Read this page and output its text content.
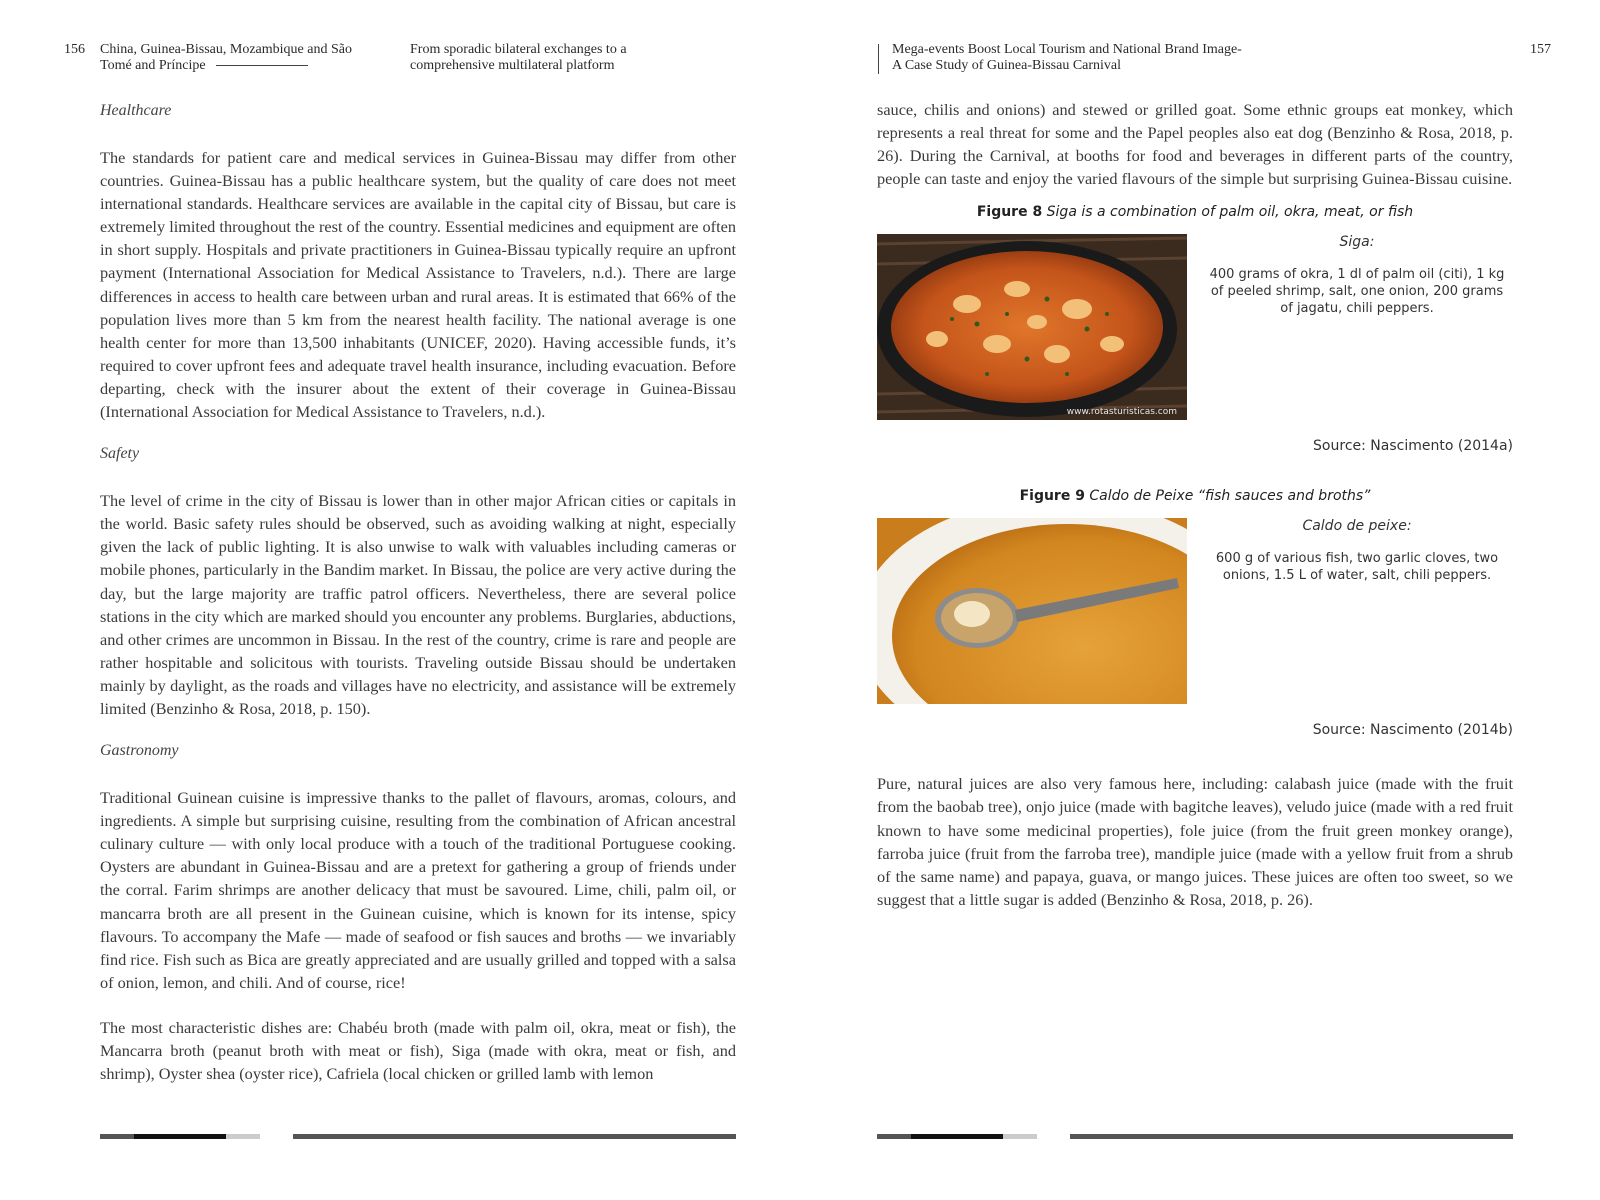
156 China, Guinea-Bissau, Mozambique and São Tomé and Príncipe
From sporadic bilateral exchanges to a comprehensive multilateral platform
Mega-events Boost Local Tourism and National Brand Image-
A Case Study of Guinea-Bissau Carnival
157
Healthcare

The standards for patient care and medical services in Guinea-Bissau may differ from other countries. Guinea-Bissau has a public healthcare system, but the quality of care does not meet international standards. Healthcare services are available in the capital city of Bissau, but care is extremely limited throughout the rest of the country. Essential medicines and equipment are often in short supply. Hospitals and private practitioners in Guinea-Bissau typically require an upfront payment (International Association for Medical Assistance to Travelers, n.d.). There are large differences in access to health care between urban and rural areas. It is estimated that 66% of the population lives more than 5 km from the nearest health facility. The national average is one health center for more than 13,500 inhabitants (UNICEF, 2020). Having accessible funds, it’s required to cover upfront fees and adequate travel health insurance, including evacuation. Before departing, check with the insurer about the extent of their coverage in Guinea-Bissau (International Association for Medical Assistance to Travelers, n.d.).

Safety

The level of crime in the city of Bissau is lower than in other major African cities or capitals in the world. Basic safety rules should be observed, such as avoiding walking at night, especially given the lack of public lighting. It is also unwise to walk with valuables including cameras or mobile phones, particularly in the Bandim market. In Bissau, the police are very active during the day, but the large majority are traffic patrol officers. Nevertheless, there are several police stations in the city which are marked should you encounter any problems. Burglaries, abductions, and other crimes are uncommon in Bissau. In the rest of the country, crime is rare and people are rather hospitable and solicitous with tourists. Traveling outside Bissau should be undertaken mainly by daylight, as the roads and villages have no electricity, and assistance will be extremely limited (Benzinho & Rosa, 2018, p. 150).

Gastronomy

Traditional Guinean cuisine is impressive thanks to the pallet of flavours, aromas, colours, and ingredients. A simple but surprising cuisine, resulting from the combination of African ancestral culinary culture — with only local produce with a touch of the traditional Portuguese cooking. Oysters are abundant in Guinea-Bissau and are a pretext for gathering a group of friends under the corral. Farim shrimps are another delicacy that must be savoured. Lime, chili, palm oil, or mancarra broth are all present in the Guinean cuisine, which is known for its intense, spicy flavours. To accompany the Mafe — made of seafood or fish sauces and broths — we invariably find rice. Fish such as Bica are greatly appreciated and are usually grilled and topped with a salsa of onion, lemon, and chili. And of course, rice!

The most characteristic dishes are: Chabéu broth (made with palm oil, okra, meat or fish), the Mancarra broth (peanut broth with meat or fish), Siga (made with okra, meat or fish, and shrimp), Oyster shea (oyster rice), Cafriela (local chicken or grilled lamb with lemon

sauce, chilis and onions) and stewed or grilled goat. Some ethnic groups eat monkey, which represents a real threat for some and the Papel peoples also eat dog (Benzinho & Rosa, 2018, p. 26). During the Carnival, at booths for food and beverages in different parts of the country, people can taste and enjoy the varied flavours of the simple but surprising Guinea-Bissau cuisine.

Figure 8 Siga is a combination of palm oil, okra, meat, or fish
www.rotasturisticas.com
Siga:
400 grams of okra, 1 dl of palm oil (citi), 1 kg of peeled shrimp, salt, one onion, 200 grams of jagatu, chili peppers.
Source: Nascimento (2014a)
Figure 9 Caldo de Peixe “fish sauces and broths”
Caldo de peixe:
600 g of various fish, two garlic cloves, two onions, 1.5 L of water, salt, chili peppers.
Source: Nascimento (2014b)

Pure, natural juices are also very famous here, including: calabash juice (made with the fruit from the baobab tree), onjo juice (made with bagitche leaves), veludo juice (made with a red fruit known to have some medicinal properties), fole juice (from the fruit green monkey orange), farroba juice (fruit from the farroba tree), mandiple juice (made with a yellow fruit from a shrub of the same name) and papaya, guava, or mango juices. These juices are often too sweet, so we suggest that a little sugar is added (Benzinho & Rosa, 2018, p. 26).
